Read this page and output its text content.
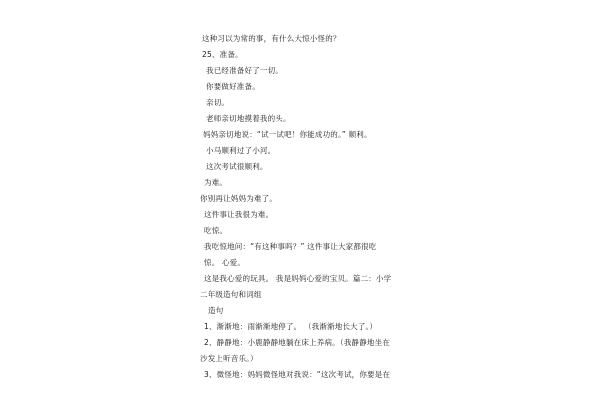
这种习以为常的事，有什么大惊小怪的？
25、准备。
我已经准备好了一切。
你要做好准备。
亲切。
老师亲切地摸着我的头。
妈妈亲切地说：“试一试吧！你能成功的。” 顺利。
小马顺利过了小河。
这次考试很顺利。
为难。
你别再让妈妈为难了。
这件事让我很为难。
吃惊。
我吃惊地问：“有这种事吗？” 这件事让大家都很吃
惊。 心爱。
这是我心爱的玩具。 我是妈妈心爱的宝贝。篇二：小学
二年级造句和词组
造句
1、渐渐地：雨渐渐地停了。 （我渐渐地长大了。）
2、静静地：小鹿静静地躺在床上养病。（我静静地坐在
沙发上听音乐。）
3、微怪地：妈妈微怪地对我说：“这次考试，你要是在
